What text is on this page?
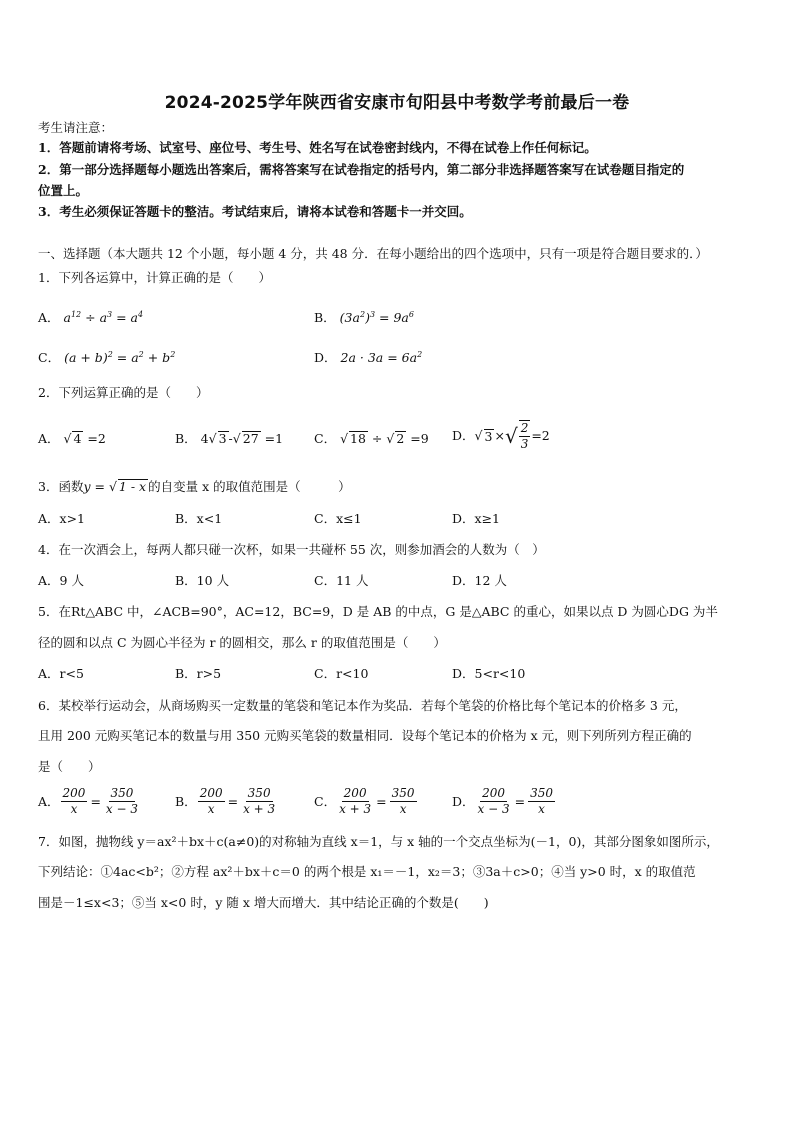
2024-2025学年陕西省安康市旬阳县中考数学考前最后一卷
考生请注意：
1．答题前请将考场、试室号、座位号、考生号、姓名写在试卷密封线内，不得在试卷上作任何标记。
2．第一部分选择题每小题选出答案后，需将答案写在试卷指定的括号内，第二部分非选择题答案写在试卷题目指定的
位置上。
3．考生必须保证答题卡的整洁。考试结束后，请将本试卷和答题卡一并交回。
一、选择题（本大题共 12 个小题，每小题 4 分，共 48 分．在每小题给出的四个选项中，只有一项是符合题目要求的．）
1．下列各运算中，计算正确的是（　　）
A． $a^{12} \div a^3 = a^4$	B． $(3a^2)^3 = 9a^6$
C． $(a + b)^2 = a^2 + b^2$	D． $2a \cdot 3a = 6a^2$
2．下列运算正确的是（　　）
A． √ 4 =2	B． 4√ 3 -√ 27 =1 C． √ 18 ÷ √ 2 =9 D． √ 3 × √ $\frac{2}{3} =2$
3．函数y = √ 1 - x 的自变量 x 的取值范围是（　　　）
A．x>1	B．x<1	C．x≤1	D．x≥1
4．在一次酒会上，每两人都只碰一次杯，如果一共碰杯 55 次，则参加酒会的人数为（　）
A．9 人	B．10 人	C．11 人	D．12 人
5．在Rt△ABC 中，∠ACB=90°，AC=12，BC=9，D 是 AB 的中点，G 是△ABC 的重心，如果以点 D 为圆心DG 为半
径的圆和以点 C 为圆心半径为 r 的圆相交，那么 r 的取值范围是（　　）
A．r<5	B．r>5	C．r<10	D．5<r<10
6．某校举行运动会，从商场购买一定数量的笔袋和笔记本作为奖品．若每个笔袋的价格比每个笔记本的价格多 3 元，
且用 200 元购买笔记本的数量与用 350 元购买笔袋的数量相同．设每个笔记本的价格为 x 元，则下列所列方程正确的
是（　　）
A． $\frac{200}{x} = \frac{350}{x - 3}$	B． $\frac{200}{x} = \frac{350}{x + 3}$	C． $\frac{200}{x + 3} = \frac{350}{x}$	D． $\frac{200}{x - 3} = \frac{350}{x}$
7．如图，抛物线 y＝ax²＋bx＋c(a≠0)的对称轴为直线 x＝1，与 x 轴的一个交点坐标为(－1，0)，其部分图象如图所示，
下列结论：①4ac<b²；②方程 ax²＋bx＋c＝0 的两个根是 x₁＝－1，x₂＝3；③3a＋c>0；④当 y>0 时，x 的取值范
围是－1≤x<3；⑤当 x<0 时，y 随 x 增大而增大．其中结论正确的个数是(　　)
